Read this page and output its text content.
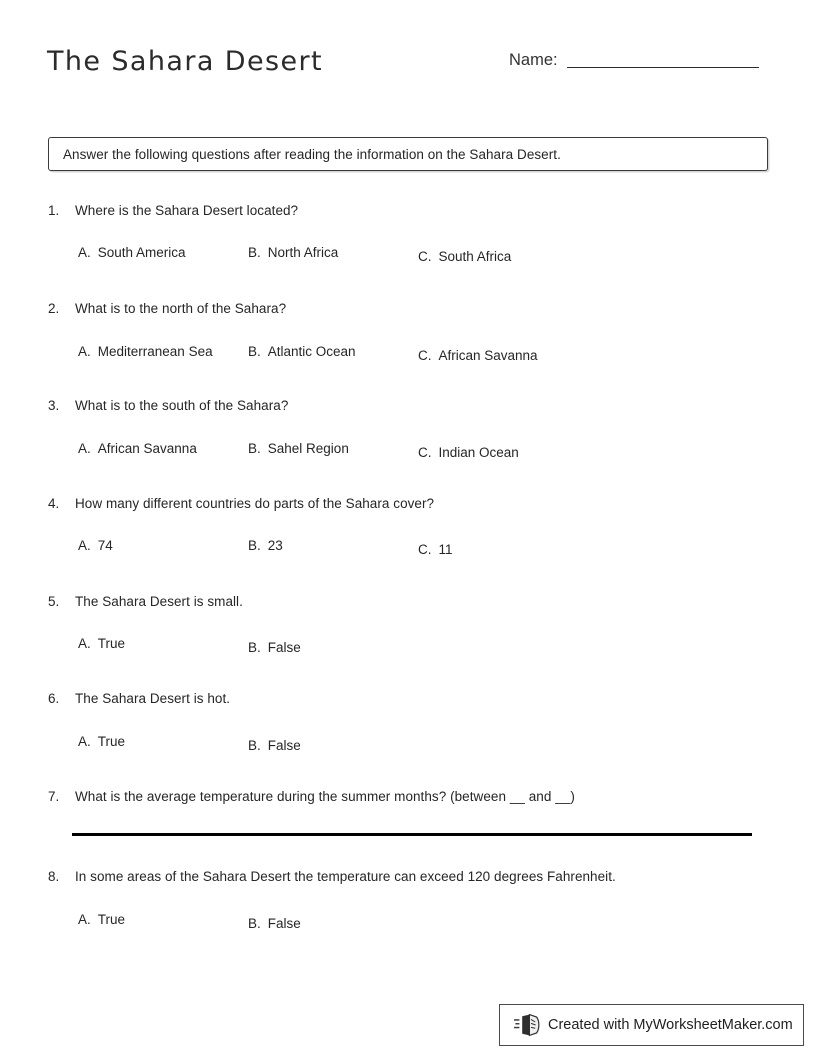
The Sahara Desert	Name:
Answer the following questions after reading the information on the Sahara Desert.
1.	Where is the Sahara Desert located?
A. South America	B. North Africa	C. South Africa
2.	What is to the north of the Sahara?
A. Mediterranean Sea	B. Atlantic Ocean	C. African Savanna
3.	What is to the south of the Sahara?
A. African Savanna	B. Sahel Region	C. Indian Ocean
4.	How many different countries do parts of the Sahara cover?
A. 74	B. 23	C. 11
5.	The Sahara Desert is small.
A. True	B. False
6.	The Sahara Desert is hot.
A. True	B. False
7.	What is the average temperature during the summer months? (between __ and __)
8.	In some areas of the Sahara Desert the temperature can exceed 120 degrees Fahrenheit.
A. True	B. False
Created with MyWorksheetMaker.com
